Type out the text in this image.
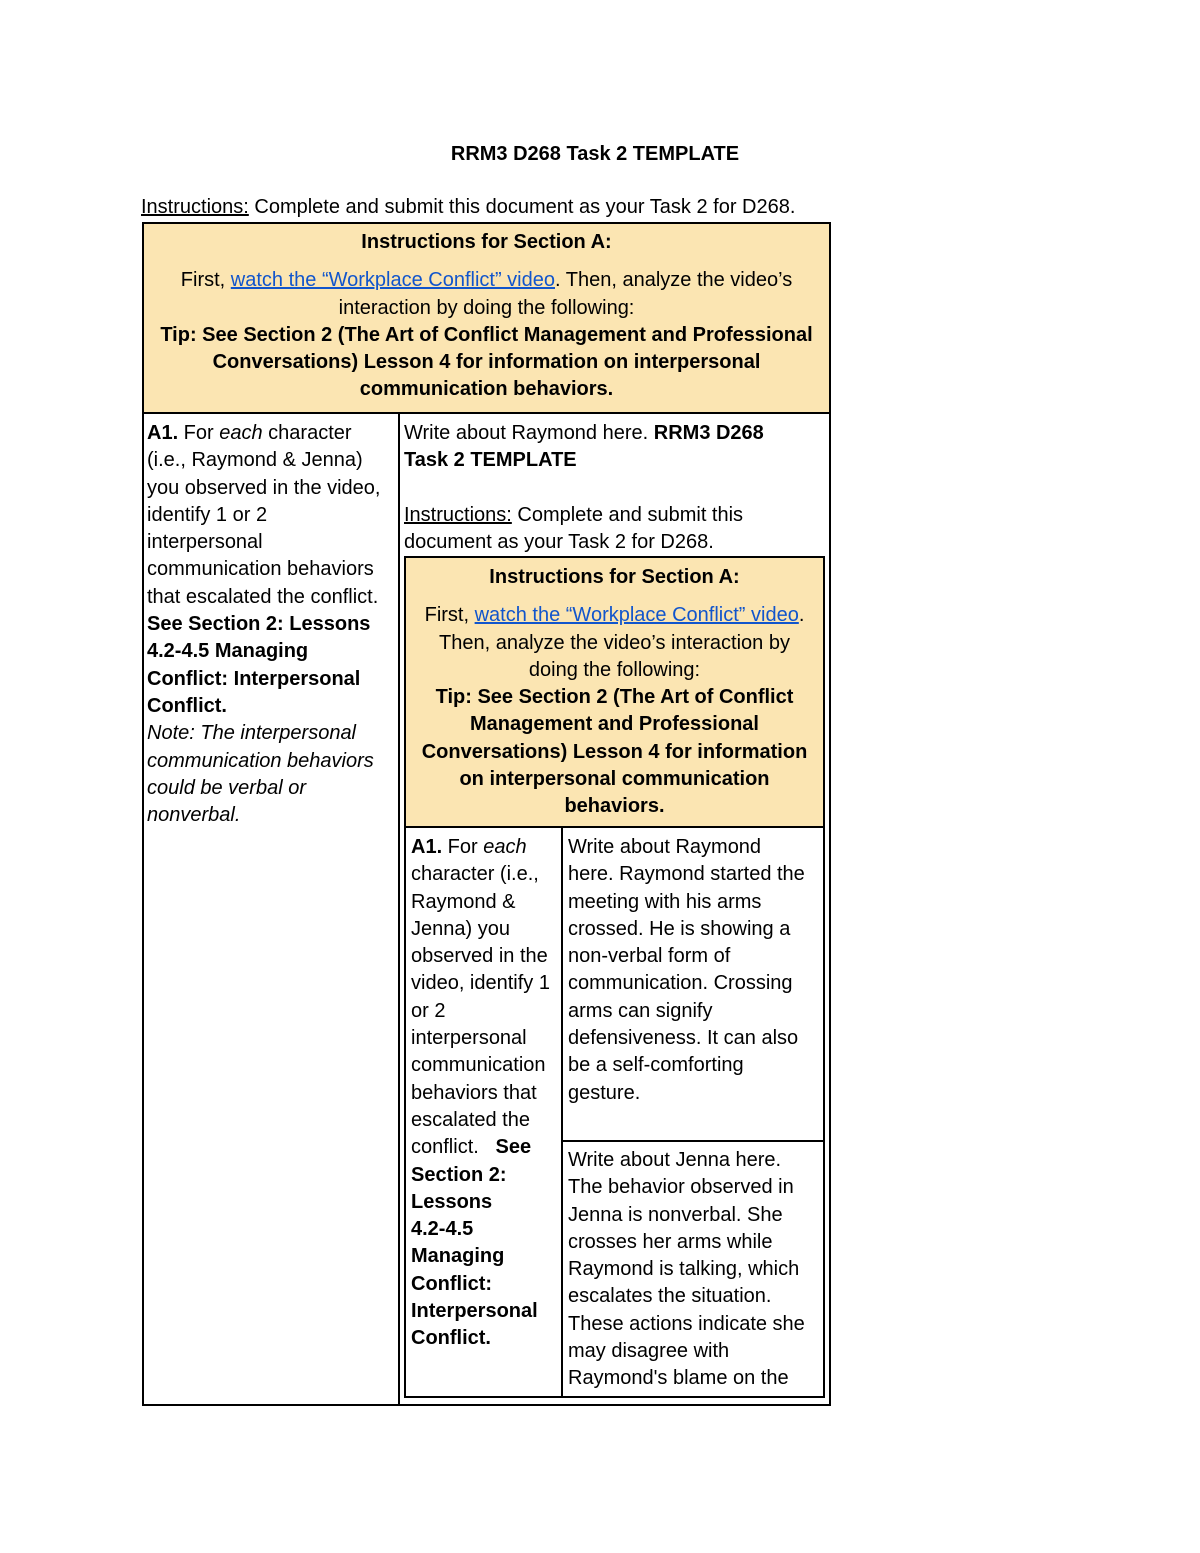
RRM3 D268 Task 2 TEMPLATE
Instructions: Complete and submit this document as your Task 2 for D268.
Instructions for Section A:
First, watch the “Workplace Conflict” video. Then, analyze the video’s
interaction by doing the following:
Tip: See Section 2 (The Art of Conflict Management and Professional
Conversations) Lesson 4 for information on interpersonal
communication behaviors.
A1. For each character
(i.e., Raymond & Jenna)
you observed in the video,
identify 1 or 2
interpersonal
communication behaviors
that escalated the conflict.
See Section 2: Lessons
4.2-4.5 Managing
Conflict: Interpersonal
Conflict.
Note: The interpersonal
communication behaviors
could be verbal or
nonverbal.
Write about Raymond here. RRM3 D268
Task 2 TEMPLATE
Instructions: Complete and submit this
document as your Task 2 for D268.
Instructions for Section A:
First, watch the “Workplace Conflict” video.
Then, analyze the video’s interaction by
doing the following:
Tip: See Section 2 (The Art of Conflict
Management and Professional
Conversations) Lesson 4 for information
on interpersonal communication
behaviors.
A1. For each
character (i.e.,
Raymond &
Jenna) you
observed in the
video, identify 1
or 2
interpersonal
communication
behaviors that
escalated the
conflict.   See
Section 2:
Lessons
4.2-4.5
Managing
Conflict:
Interpersonal
Conflict.
Write about Raymond
here. Raymond started the
meeting with his arms
crossed. He is showing a
non-verbal form of
communication. Crossing
arms can signify
defensiveness. It can also
be a self-comforting
gesture.
Write about Jenna here.
The behavior observed in
Jenna is nonverbal. She
crosses her arms while
Raymond is talking, which
escalates the situation.
These actions indicate she
may disagree with
Raymond's blame on the
